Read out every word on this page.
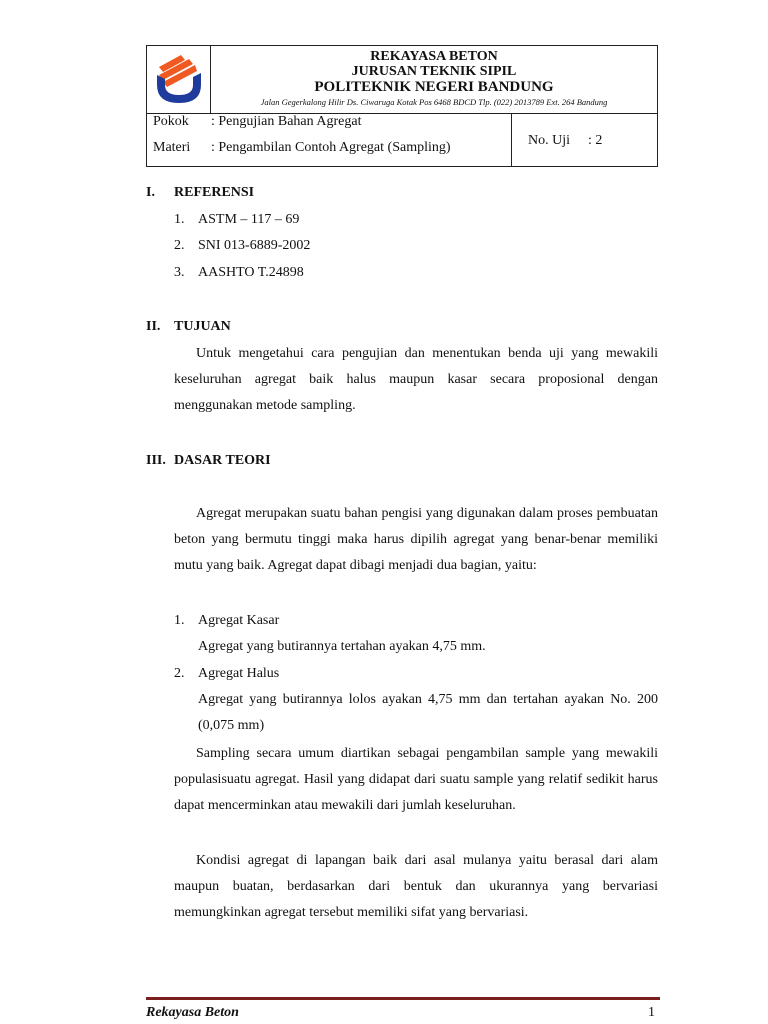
REKAYASA BETON
JURUSAN TEKNIK SIPIL
POLITEKNIK NEGERI BANDUNG
Jalan Gegerkalong Hilir Ds. Ciwaruga Kotak Pos 6468 BDCD Tlp. (022) 2013789 Ext. 264 Bandung
Pokok : Pengujian Bahan Agregat
Materi : Pengambilan Contoh Agregat (Sampling)	No. Uji : 2
I. REFERENSI
1. ASTM – 117 – 69
2. SNI 013-6889-2002
3. AASHTO T.24898
II. TUJUAN
Untuk mengetahui cara pengujian dan menentukan benda uji yang mewakili keseluruhan agregat baik halus maupun kasar secara proposional dengan menggunakan metode sampling.
III. DASAR TEORI
Agregat merupakan suatu bahan pengisi yang digunakan dalam proses pembuatan beton yang bermutu tinggi maka harus dipilih agregat yang benar-benar memiliki mutu yang baik. Agregat dapat dibagi menjadi dua bagian, yaitu:
1. Agregat Kasar
Agregat yang butirannya tertahan ayakan 4,75 mm.
2. Agregat Halus
Agregat yang butirannya lolos ayakan 4,75 mm dan tertahan ayakan No. 200 (0,075 mm)
Sampling secara umum diartikan sebagai pengambilan sample yang mewakili populasisuatu agregat. Hasil yang didapat dari suatu sample yang relatif sedikit harus dapat mencerminkan atau mewakili dari jumlah keseluruhan.
Kondisi agregat di lapangan baik dari asal mulanya yaitu berasal dari alam maupun buatan, berdasarkan dari bentuk dan ukurannya yang bervariasi memungkinkan agregat tersebut memiliki sifat yang bervariasi.
Rekayasa Beton	1
